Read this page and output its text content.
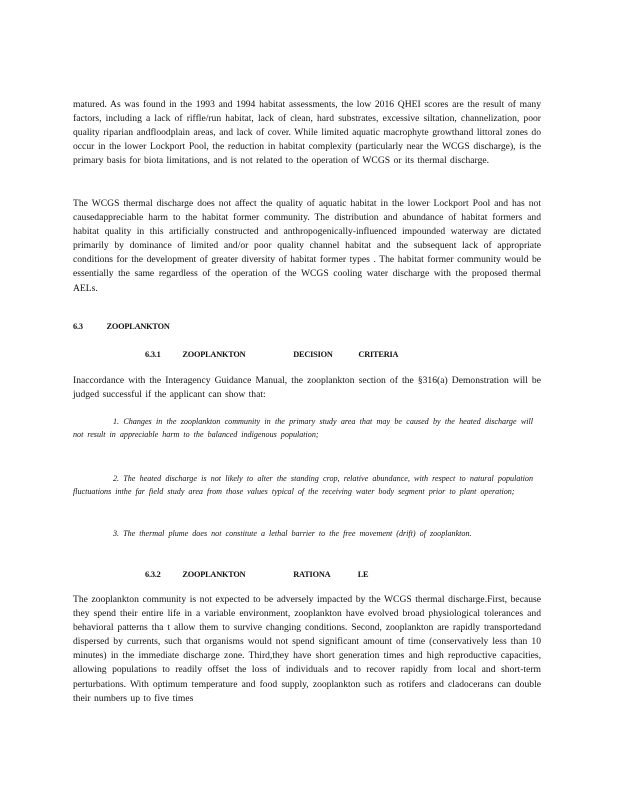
matured. As was found in the 1993 and 1994 habitat assessments, the low 2016 QHEI scores are the result of many factors, including a lack of riffle/run habitat, lack of clean, hard substrates, excessive siltation, channelization, poor quality riparian andfloodplain areas, and lack of cover. While limited aquatic macrophyte growthand littoral zones do occur in the lower Lockport Pool, the reduction in habitat complexity (particularly near the WCGS discharge), is the primary basis for biota limitations, and is not related to the operation of WCGS or its thermal discharge.

The WCGS thermal discharge does not affect the quality of aquatic habitat in the lower Lockport Pool and has not causedappreciable harm to the habitat former community. The distribution and abundance of habitat formers and habitat quality in this artificially constructed and anthropogenically-influenced impounded waterway are dictated primarily by dominance of limited and/or poor quality channel habitat and the subsequent lack of appropriate conditions for the development of greater diversity of habitat former types . The habitat former community would be essentially the same regardless of the operation of the WCGS cooling water discharge with the proposed thermal AELs.

6.3	ZOOPLANKTON
6.3.1	ZOOPLANKTON	DECISION	CRITERIA

Inaccordance with the Interagency Guidance Manual, the zooplankton section of the §316(a) Demonstration will be judged successful if the applicant can show that:

1. Changes in the zooplankton community in the primary study area that may be caused by the heated discharge will not result in appreciable harm to the balanced indigenous population;

2. The heated discharge is not likely to alter the standing crop, relative abundance, with respect to natural population fluctuations inthe far field study area from those values typical of the receiving water body segment prior to plant operation;

3. The thermal plume does not constitute a lethal barrier to the free movement (drift) of zooplankton.

6.3.2	ZOOPLANKTON	RATIONA	LE

The zooplankton community is not expected to be adversely impacted by the WCGS thermal discharge.First, because they spend their entire life in a variable environment, zooplankton have evolved broad physiological tolerances and behavioral patterns tha t allow them to survive changing conditions. Second, zooplankton are rapidly transportedand dispersed by currents, such that organisms would not spend significant amount of time (conservatively less than 10 minutes) in the immediate discharge zone. Third,they have short generation times and high reproductive capacities, allowing populations to readily offset the loss of individuals and to recover rapidly from local and short-term perturbations. With optimum temperature and food supply, zooplankton such as rotifers and cladocerans can double their numbers up to five times
